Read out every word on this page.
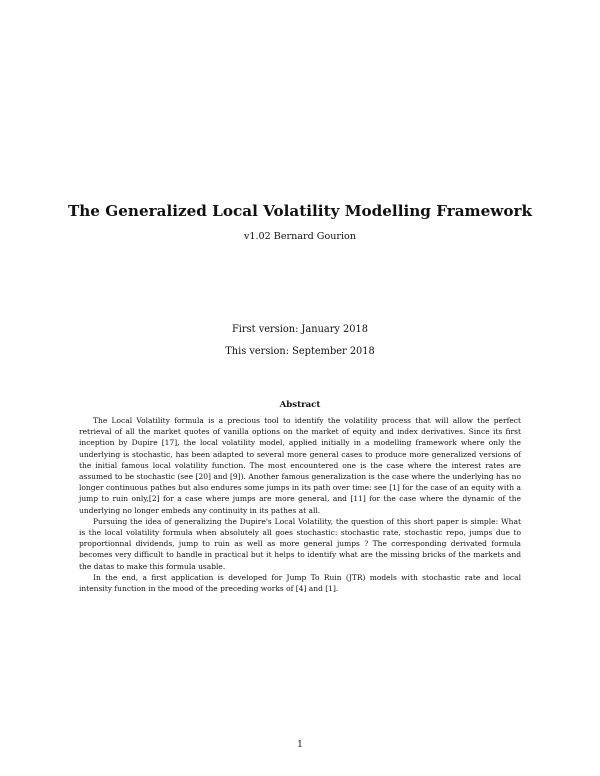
The Generalized Local Volatility Modelling Framework
v1.02 Bernard Gourion
First version: January 2018
This version: September 2018
Abstract

The Local Volatility formula is a precious tool to identify the volatility process that will allow the perfect retrieval of all the market quotes of vanilla options on the market of equity and index derivatives. Since its first inception by Dupire [17], the local volatility model, applied initially in a modelling framework where only the underlying is stochastic, has been adapted to several more general cases to produce more generalized versions of the initial famous local volatility function. The most encountered one is the case where the interest rates are assumed to be stochastic (see [20] and [9]). Another famous generalization is the case where the underlying has no longer continuous pathes but also endures some jumps in its path over time: see [1] for the case of an equity with a jump to ruin only,[2] for a case where jumps are more general, and [11] for the case where the dynamic of the underlying no longer embeds any continuity in its pathes at all.

Pursuing the idea of generalizing the Dupire's Local Volatility, the question of this short paper is simple: What is the local volatility formula when absolutely all goes stochastic: stochastic rate, stochastic repo, jumps due to proportionnal dividends, jump to ruin as well as more general jumps ? The corresponding derivated formula becomes very difficult to handle in practical but it helps to identify what are the missing bricks of the markets and the datas to make this formula usable.

In the end, a first application is developed for Jump To Ruin (JTR) models with stochastic rate and local intensity function in the mood of the preceding works of [4] and [1].

1
